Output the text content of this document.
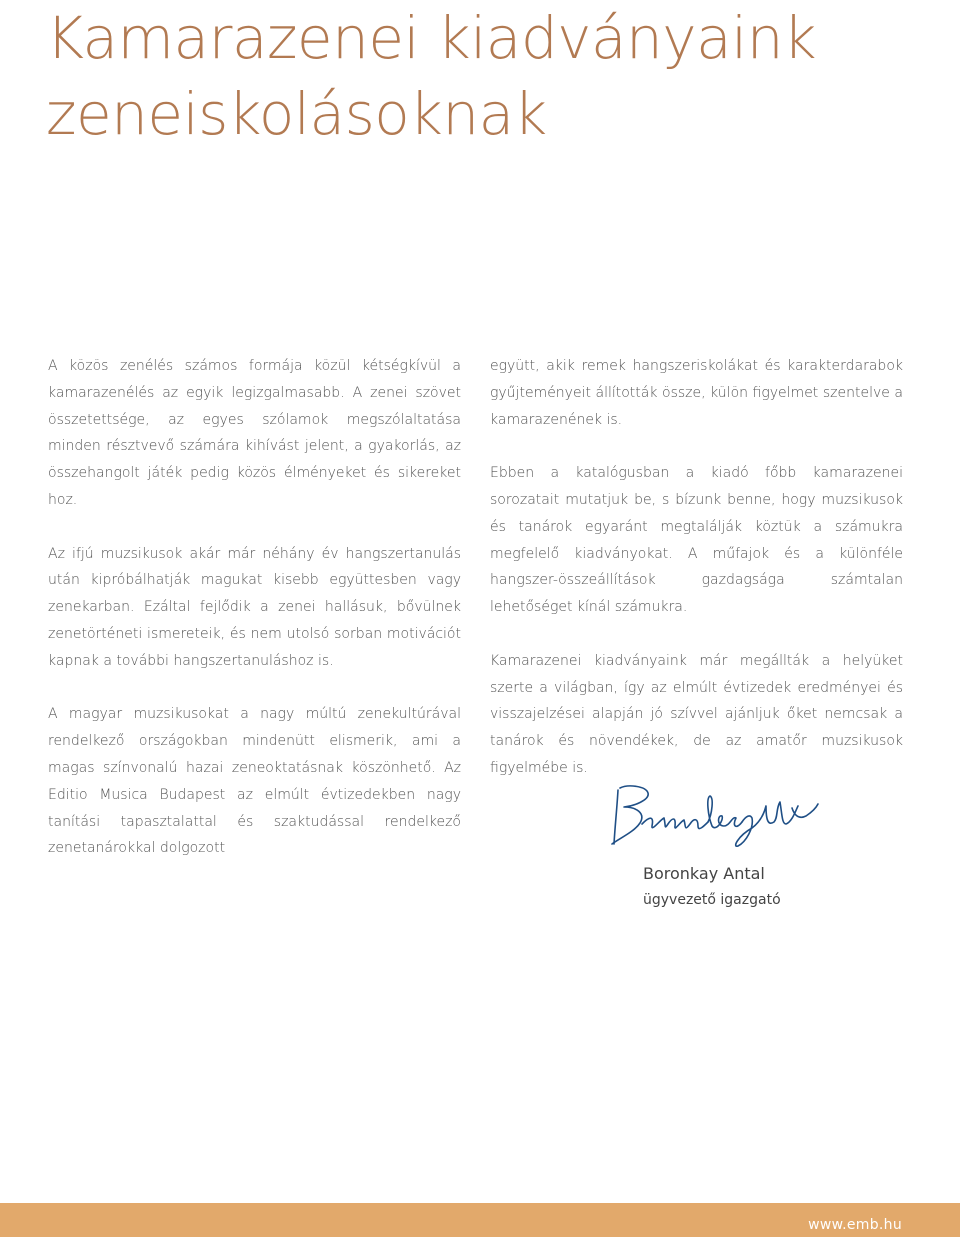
Kamarazenei kiadványaink
zeneiskolásoknak

A közös zenélés számos formája közül kétségkívül a kamarazenélés az egyik legizgalmasabb. A zenei szövet összetettsége, az egyes szólamok megszólaltatása minden résztvevő számára kihívást jelent, a gyakorlás, az összehangolt játék pedig közös élményeket és sikereket hoz.

Az ifjú muzsikusok akár már néhány év hangszertanulás után kipróbálhatják magukat kisebb együttesben vagy zenekarban. Ezáltal fejlődik a zenei hallásuk, bővülnek zenetörténeti ismereteik, és nem utolsó sorban motivációt kapnak a további hangszertanuláshoz is.

A magyar muzsikusokat a nagy múltú zenekultúrával rendelkező országokban mindenütt elismerik, ami a magas színvonalú hazai zeneoktatásnak köszönhető. Az Editio Musica Budapest az elmúlt évtizedekben nagy tanítási tapasztalattal és szaktudással rendelkező zenetanárokkal dolgozott

együtt, akik remek hangszeriskolákat és karakterdarabok gyűjteményeit állították össze, külön figyelmet szentelve a kamarazenének is.

Ebben a katalógusban a kiadó főbb kamarazenei sorozatait mutatjuk be, s bízunk benne, hogy muzsikusok és tanárok egyaránt megtalálják köztük a számukra megfelelő kiadványokat. A műfajok és a különféle hangszer-összeállítások gazdagsága számtalan lehetőséget kínál számukra.

Kamarazenei kiadványaink már megállták a helyüket szerte a világban, így az elmúlt évtizedek eredményei és visszajelzései alapján jó szívvel ajánljuk őket nemcsak a tanárok és növendékek, de az amatőr muzsikusok figyelmébe is.

Boronkay Antal
ügyvezető igazgató
www.emb.hu
